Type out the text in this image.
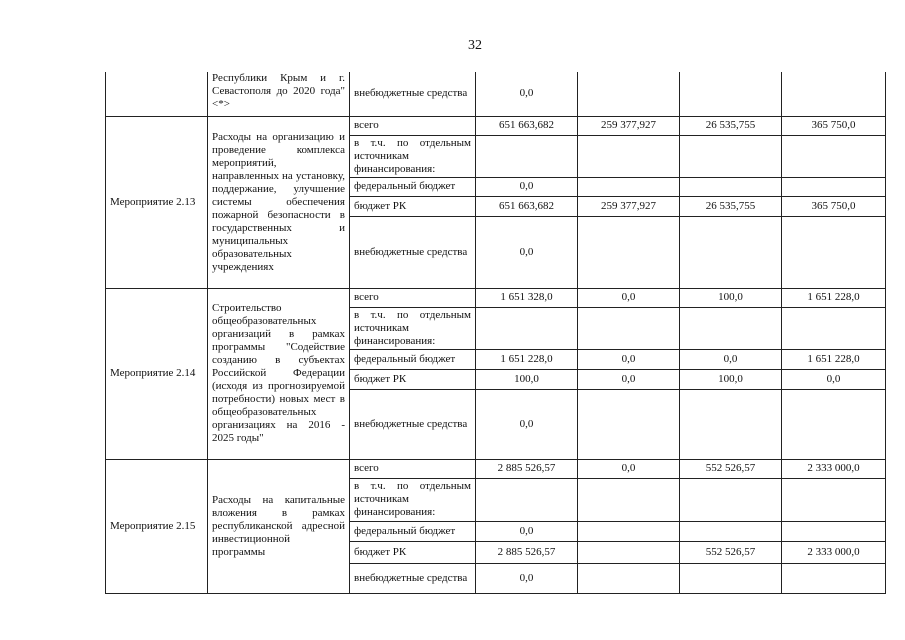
32
	Республики Крым и г. Севастополя до 2020 года" <*>	внебюджетные средства	0,0			
Мероприятие 2.13	Расходы на организацию и проведение комплекса мероприятий, направленных на установку, поддержание, улучшение системы обеспечения пожарной безопасности в государственных и муниципальных образовательных учреждениях	всего	651 663,682	259 377,927	26 535,755	365 750,0
		в т.ч. по отдельным источникам финансирования:				
		федеральный бюджет	0,0			
		бюджет РК	651 663,682	259 377,927	26 535,755	365 750,0
		внебюджетные средства	0,0			
Мероприятие 2.14	Строительство общеобразовательных организаций в рамках программы "Содействие созданию в субъектах Российской Федерации (исходя из прогнозируемой потребности) новых мест в общеобразовательных организациях на 2016 - 2025 годы"	всего	1 651 328,0	0,0	100,0	1 651 228,0
		в т.ч. по отдельным источникам финансирования:				
		федеральный бюджет	1 651 228,0	0,0	0,0	1 651 228,0
		бюджет РК	100,0	0,0	100,0	0,0
		внебюджетные средства	0,0			
Мероприятие 2.15	Расходы на капитальные вложения в рамках республиканской адресной инвестиционной программы	всего	2 885 526,57	0,0	552 526,57	2 333 000,0
		в т.ч. по отдельным источникам финансирования:				
		федеральный бюджет	0,0			
		бюджет РК	2 885 526,57		552 526,57	2 333 000,0
		внебюджетные средства	0,0			
